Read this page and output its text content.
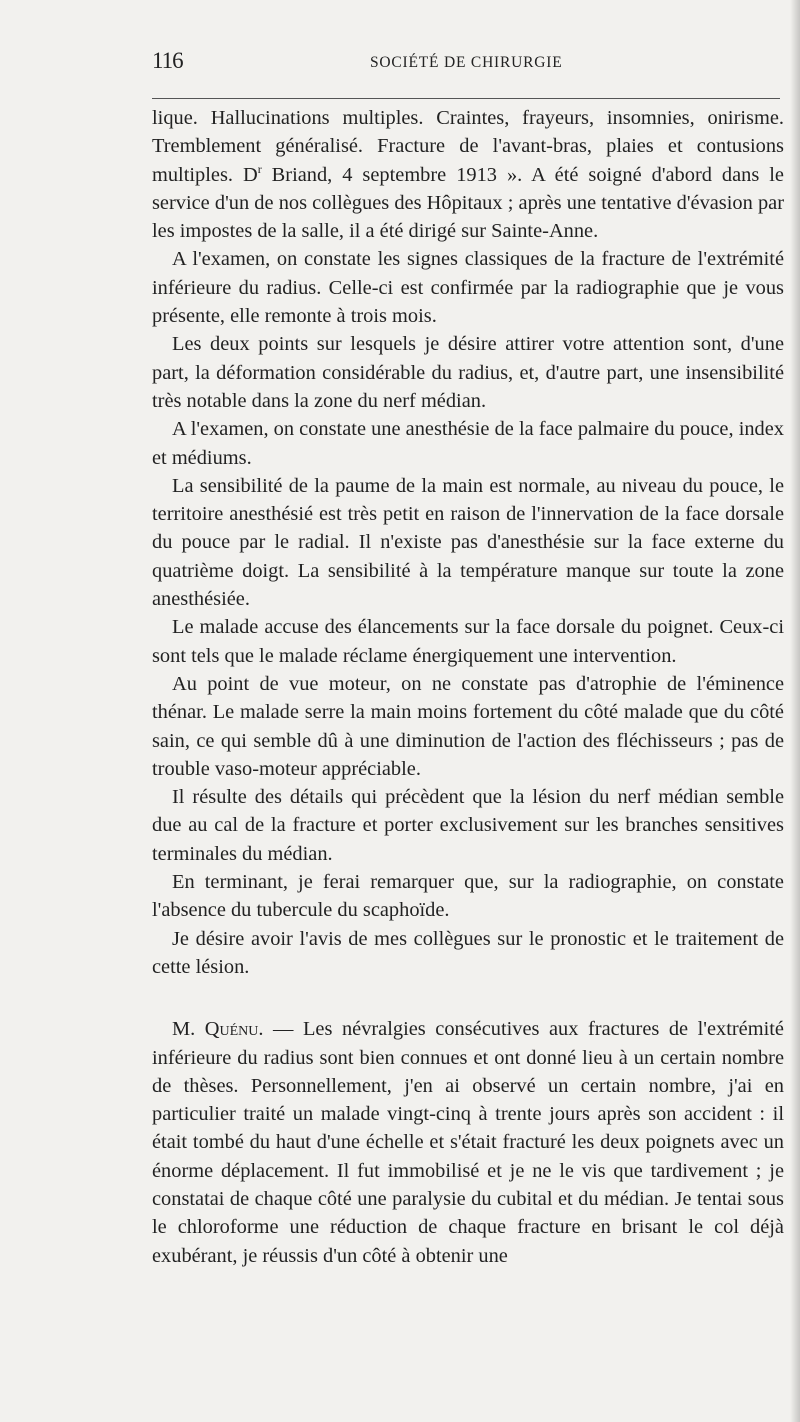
116	SOCIÉTÉ DE CHIRURGIE

lique. Hallucinations multiples. Craintes, frayeurs, insomnies, onirisme. Tremblement généralisé. Fracture de l'avant-bras, plaies et contusions multiples. $D^r$ Briand, 4 septembre 1913 ». A été soigné d'abord dans le service d'un de nos collègues des Hôpitaux ; après une tentative d'évasion par les impostes de la salle, il a été dirigé sur Sainte-Anne.

A l'examen, on constate les signes classiques de la fracture de l'extrémité inférieure du radius. Celle-ci est confirmée par la radiographie que je vous présente, elle remonte à trois mois.

Les deux points sur lesquels je désire attirer votre attention sont, d'une part, la déformation considérable du radius, et, d'autre part, une insensibilité très notable dans la zone du nerf médian.

A l'examen, on constate une anesthésie de la face palmaire du pouce, index et médiums.

La sensibilité de la paume de la main est normale, au niveau du pouce, le territoire anesthésié est très petit en raison de l'innervation de la face dorsale du pouce par le radial. Il n'existe pas d'anesthésie sur la face externe du quatrième doigt. La sensibilité à la température manque sur toute la zone anesthésiée.

Le malade accuse des élancements sur la face dorsale du poignet. Ceux-ci sont tels que le malade réclame énergiquement une intervention.

Au point de vue moteur, on ne constate pas d'atrophie de l'éminence thénar. Le malade serre la main moins fortement du côté malade que du côté sain, ce qui semble dû à une diminution de l'action des fléchisseurs ; pas de trouble vaso-moteur appréciable.

Il résulte des détails qui précèdent que la lésion du nerf médian semble due au cal de la fracture et porter exclusivement sur les branches sensitives terminales du médian.

En terminant, je ferai remarquer que, sur la radiographie, on constate l'absence du tubercule du scaphoïde.

Je désire avoir l'avis de mes collègues sur le pronostic et le traitement de cette lésion.

M. Quénu. — Les névralgies consécutives aux fractures de l'extrémité inférieure du radius sont bien connues et ont donné lieu à un certain nombre de thèses. Personnellement, j'en ai observé un certain nombre, j'ai en particulier traité un malade vingt-cinq à trente jours après son accident : il était tombé du haut d'une échelle et s'était fracturé les deux poignets avec un énorme déplacement. Il fut immobilisé et je ne le vis que tardivement ; je constatai de chaque côté une paralysie du cubital et du médian. Je tentai sous le chloroforme une réduction de chaque fracture en brisant le col déjà exubérant, je réussis d'un côté à obtenir une
